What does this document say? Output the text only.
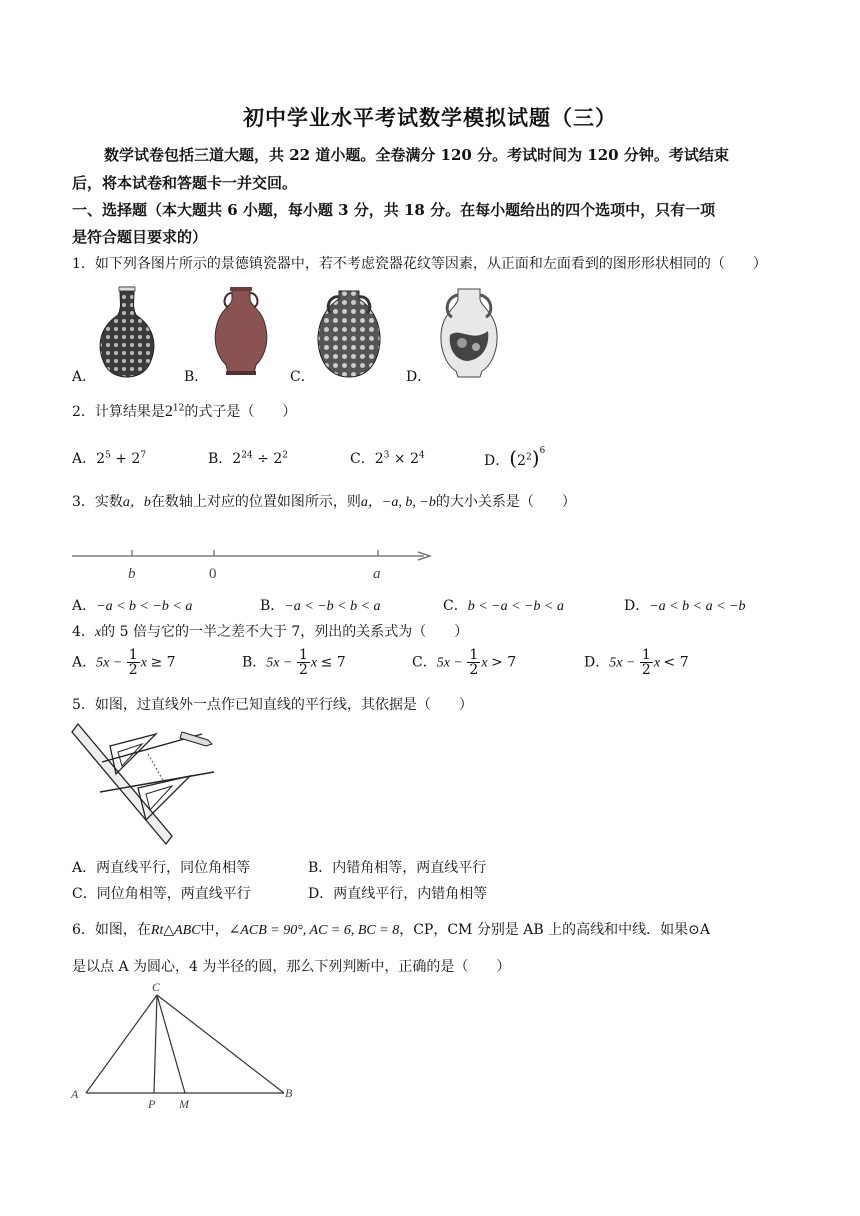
初中学业水平考试数学模拟试题（三）
数学试卷包括三道大题，共 22 道小题。全卷满分 120 分。考试时间为 120 分钟。考试结束
后，将本试卷和答题卡一并交回。
一、选择题（本大题共 6 小题，每小题 3 分，共 18 分。在每小题给出的四个选项中，只有一项
是符合题目要求的）
1．如下列各图片所示的景德镇瓷器中，若不考虑瓷器花纹等因素，从正面和左面看到的图形形状相同的（　　）
A．	B．	C．	D．
2．计算结果是$2^{12}$的式子是（　　）
A．$2^5 + 2^7$	B．$2^{24} \div 2^2$	C．$2^3 \times 2^4$	D．$(2^2)^6$
3．实数a，b在数轴上对应的位置如图所示，则a，−a, b, −b的大小关系是（　　）
b	0	a
A．−a < b < −b < a	B．−a < −b < b < a	C．b < −a < −b < a	D．−a < b < a < −b
4．x的 5 倍与它的一半之差不大于 7，列出的关系式为（　　）
A．$5x - \frac{1}{2}$ x ≥ 7	B．$5x - \frac{1}{2}$ x ≤ 7	C．$5x - \frac{1}{2}$ x > 7	D．$5x - \frac{1}{2}$ x < 7
5．如图，过直线外一点作已知直线的平行线，其依据是（　　）
A．两直线平行，同位角相等	B．内错角相等，两直线平行
C．同位角相等，两直线平行	D．两直线平行，内错角相等
6．如图，在Rt△ABC中，∠ACB = 90°, AC = 6, BC = 8，CP，CM 分别是 AB 上的高线和中线．如果⊙A
是以点 A 为圆心，4 为半径的圆，那么下列判断中，正确的是（　　）
C
A
P M
B
